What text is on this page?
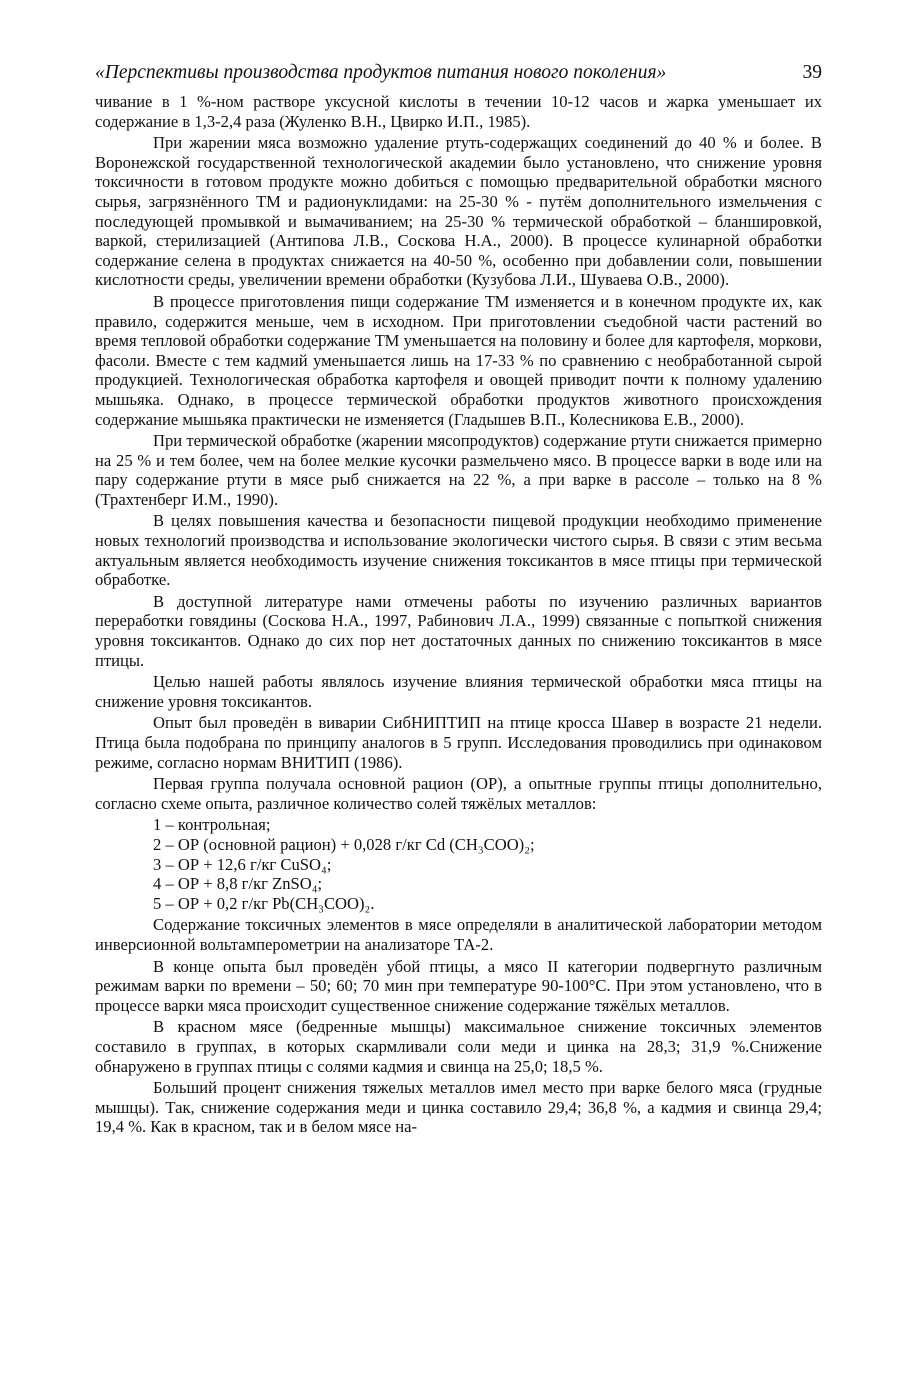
«Перспективы производства продуктов питания нового поколения»	39

чивание в 1 %-ном растворе уксусной кислоты в течении 10-12 часов и жарка уменьшает их содержание в 1,3-2,4 раза (Жуленко В.Н., Цвирко И.П., 1985).

При жарении мяса возможно удаление ртуть-содержащих соединений до 40 % и более. В Воронежской государственной технологической академии было установлено, что снижение уровня токсичности в готовом продукте можно добиться с помощью предварительной обработки мясного сырья, загрязнённого ТМ и радионуклидами: на 25-30 % - путём дополнительного измельчения с последующей промывкой и вымачиванием; на 25-30 % термической обработкой – бланшировкой, варкой, стерилизацией (Антипова Л.В., Соскова Н.А., 2000). В процессе кулинарной обработки содержание селена в продуктах снижается на 40-50 %, особенно при добавлении соли, повышении кислотности среды, увеличении времени обработки (Кузубова Л.И., Шуваева О.В., 2000).

В процессе приготовления пищи содержание ТМ изменяется и в конечном продукте их, как правило, содержится меньше, чем в исходном. При приготовлении съедобной части растений во время тепловой обработки содержание ТМ уменьшается на половину и более для картофеля, моркови, фасоли. Вместе с тем кадмий уменьшается лишь на 17-33 % по сравнению с необработанной сырой продукцией. Технологическая обработка картофеля и овощей приводит почти к полному удалению мышьяка. Однако, в процессе термической обработки продуктов животного происхождения содержание мышьяка практически не изменяется (Гладышев В.П., Колесникова Е.В., 2000).

При термической обработке (жарении мясопродуктов) содержание ртути снижается примерно на 25 % и тем более, чем на более мелкие кусочки размельчено мясо. В процессе варки в воде или на пару содержание ртути в мясе рыб снижается на 22 %, а при варке в рассоле – только на 8 % (Трахтенберг И.М., 1990).

В целях повышения качества и безопасности пищевой продукции необходимо применение новых технологий производства и использование экологически чистого сырья. В связи с этим весьма актуальным является необходимость изучение снижения токсикантов в мясе птицы при термической обработке.

В доступной литературе нами отмечены работы по изучению различных вариантов переработки говядины (Соскова Н.А., 1997, Рабинович Л.А., 1999) связанные с попыткой снижения уровня токсикантов. Однако до сих пор нет достаточных данных по снижению токсикантов в мясе птицы.

Целью нашей работы являлось изучение влияния термической обработки мяса птицы на снижение уровня токсикантов.

Опыт был проведён в виварии СибНИПТИП на птице кросса Шавер в возрасте 21 недели. Птица была подобрана по принципу аналогов в 5 групп. Исследования проводились при одинаковом режиме, согласно нормам ВНИТИП (1986).

Первая группа получала основной рацион (ОР), а опытные группы птицы дополнительно, согласно схеме опыта, различное количество солей тяжёлых металлов:

1 – контрольная;
2 – ОР (основной рацион) + 0,028 г/кг Cd (CH₃COO)₂;
3 – ОР + 12,6 г/кг CuSO₄;
4 – ОР + 8,8 г/кг ZnSO₄;
5 – ОР + 0,2 г/кг Pb(CH₃COO)₂.

Содержание токсичных элементов в мясе определяли в аналитической лаборатории методом инверсионной вольтамперометрии на анализаторе ТА-2.

В конце опыта был проведён убой птицы, а мясо II категории подвергнуто различным режимам варки по времени – 50; 60; 70 мин при температуре 90-100°С. При этом установлено, что в процессе варки мяса происходит существенное снижение содержание тяжёлых металлов.

В красном мясе (бедренные мышцы) максимальное снижение токсичных элементов составило в группах, в которых скармливали соли меди и цинка на 28,3; 31,9 %.Снижение обнаружено в группах птицы с солями кадмия и свинца на 25,0; 18,5 %.

Больший процент снижения тяжелых металлов имел место при варке белого мяса (грудные мышцы). Так, снижение содержания меди и цинка составило 29,4; 36,8 %, а кадмия и свинца 29,4; 19,4 %. Как в красном, так и в белом мясе на-
